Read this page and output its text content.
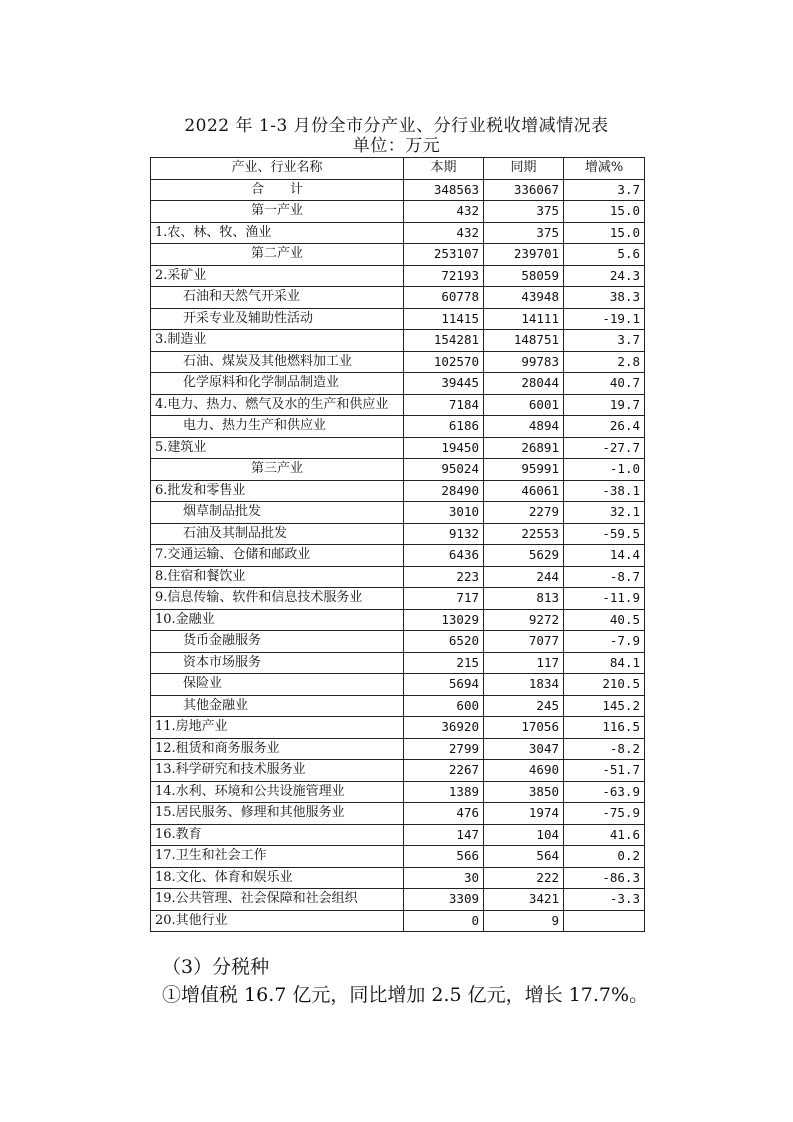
2022 年 1-3 月份全市分产业、分行业税收增减情况表
单位：万元
产业、行业名称	本期	同期	增减%
合　　计	348563	336067	3.7
第一产业	432	375	15.0
1.农、林、牧、渔业	432	375	15.0
第二产业	253107	239701	5.6
2.采矿业	72193	58059	24.3
石油和天然气开采业	60778	43948	38.3
开采专业及辅助性活动	11415	14111	-19.1
3.制造业	154281	148751	3.7
石油、煤炭及其他燃料加工业	102570	99783	2.8
化学原料和化学制品制造业	39445	28044	40.7
4.电力、热力、燃气及水的生产和供应业	7184	6001	19.7
电力、热力生产和供应业	6186	4894	26.4
5.建筑业	19450	26891	-27.7
第三产业	95024	95991	-1.0
6.批发和零售业	28490	46061	-38.1
烟草制品批发	3010	2279	32.1
石油及其制品批发	9132	22553	-59.5
7.交通运输、仓储和邮政业	6436	5629	14.4
8.住宿和餐饮业	223	244	-8.7
9.信息传输、软件和信息技术服务业	717	813	-11.9
10.金融业	13029	9272	40.5
货币金融服务	6520	7077	-7.9
资本市场服务	215	117	84.1
保险业	5694	1834	210.5
其他金融业	600	245	145.2
11.房地产业	36920	17056	116.5
12.租赁和商务服务业	2799	3047	-8.2
13.科学研究和技术服务业	2267	4690	-51.7
14.水利、环境和公共设施管理业	1389	3850	-63.9
15.居民服务、修理和其他服务业	476	1974	-75.9
16.教育	147	104	41.6
17.卫生和社会工作	566	564	0.2
18.文化、体育和娱乐业	30	222	-86.3
19.公共管理、社会保障和社会组织	3309	3421	-3.3
20.其他行业	0	9	
（3）分税种
①增值税 16.7 亿元，同比增加 2.5 亿元，增长 17.7%。
